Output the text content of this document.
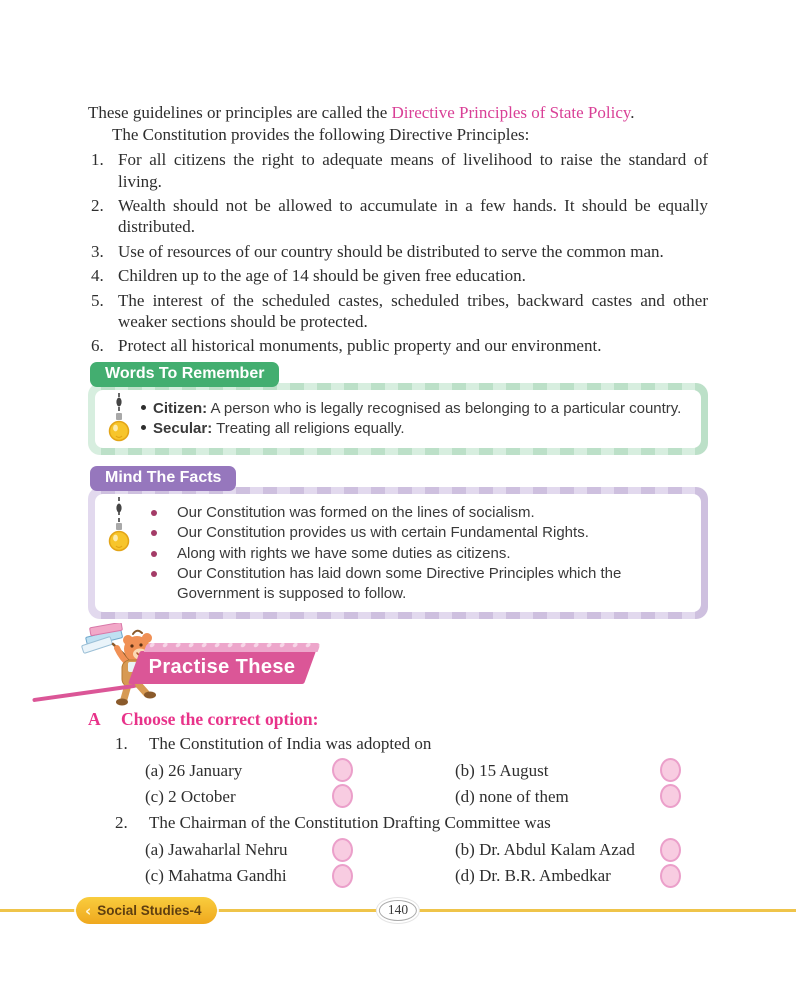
These guidelines or principles are called the Directive Principles of State Policy.

The Constitution provides the following Directive Principles:

1. For all citizens the right to adequate means of livelihood to raise the standard of living.
2. Wealth should not be allowed to accumulate in a few hands. It should be equally distributed.
3. Use of resources of our country should be distributed to serve the common man.
4. Children up to the age of 14 should be given free education.
5. The interest of the scheduled castes, scheduled tribes, backward castes and other weaker sections should be protected.
6. Protect all historical monuments, public property and our environment.
Words To Remember
Citizen: A person who is legally recognised as belonging to a particular country.
Secular: Treating all religions equally.
Mind The Facts
Our Constitution was formed on the lines of socialism.
Our Constitution provides us with certain Fundamental Rights.
Along with rights we have some duties as citizens.
Our Constitution has laid down some Directive Principles which the Government is supposed to follow.
Practise These
A	Choose the correct option:
1.	The Constitution of India was adopted on
(a) 26 January	(b) 15 August
(c) 2 October	(d) none of them
2.	The Chairman of the Constitution Drafting Committee was
(a) Jawaharlal Nehru	(b) Dr. Abdul Kalam Azad
(c) Mahatma Gandhi	(d) Dr. B.R. Ambedkar
‹ Social Studies-4	140
